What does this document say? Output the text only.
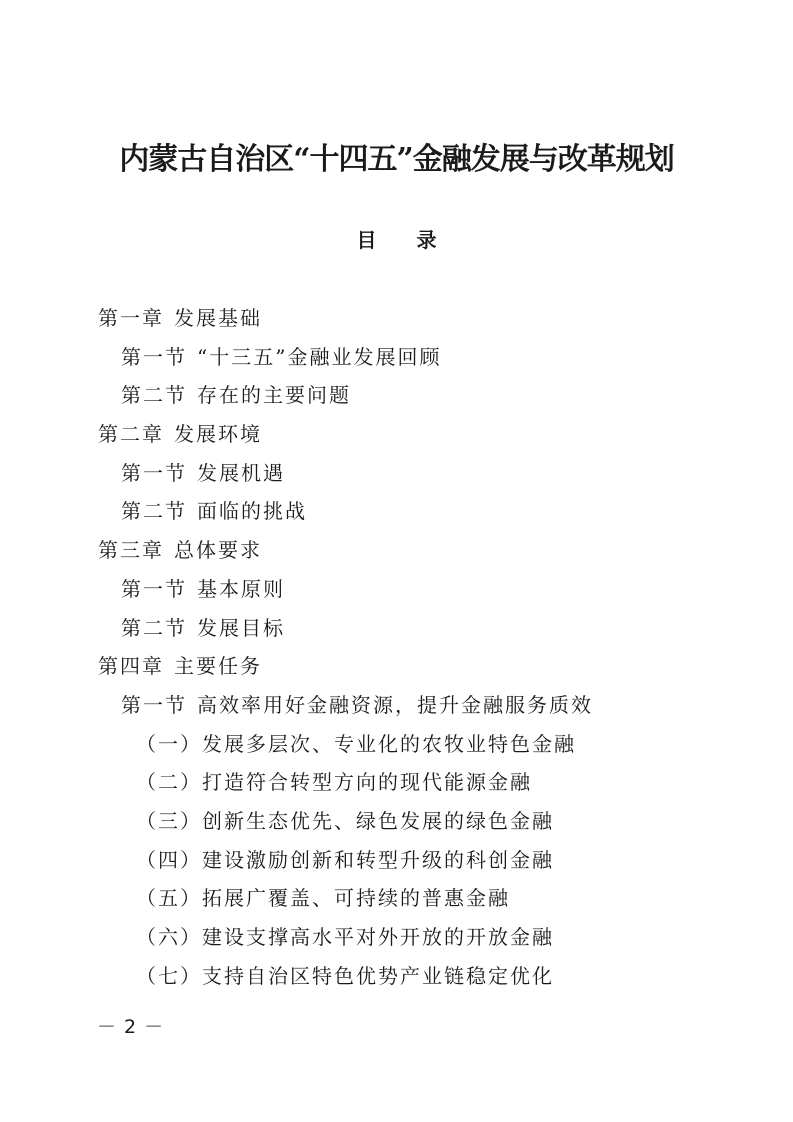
内蒙古自治区“十四五”金融发展与改革规划
目录
第一章 发展基础
第一节 “十三五”金融业发展回顾
第二节 存在的主要问题
第二章 发展环境
第一节 发展机遇
第二节 面临的挑战
第三章 总体要求
第一节 基本原则
第二节 发展目标
第四章 主要任务
第一节 高效率用好金融资源，提升金融服务质效
（一）发展多层次、专业化的农牧业特色金融
（二）打造符合转型方向的现代能源金融
（三）创新生态优先、绿色发展的绿色金融
（四）建设激励创新和转型升级的科创金融
（五）拓展广覆盖、可持续的普惠金融
（六）建设支撑高水平对外开放的开放金融
（七）支持自治区特色优势产业链稳定优化
－ 2 －
